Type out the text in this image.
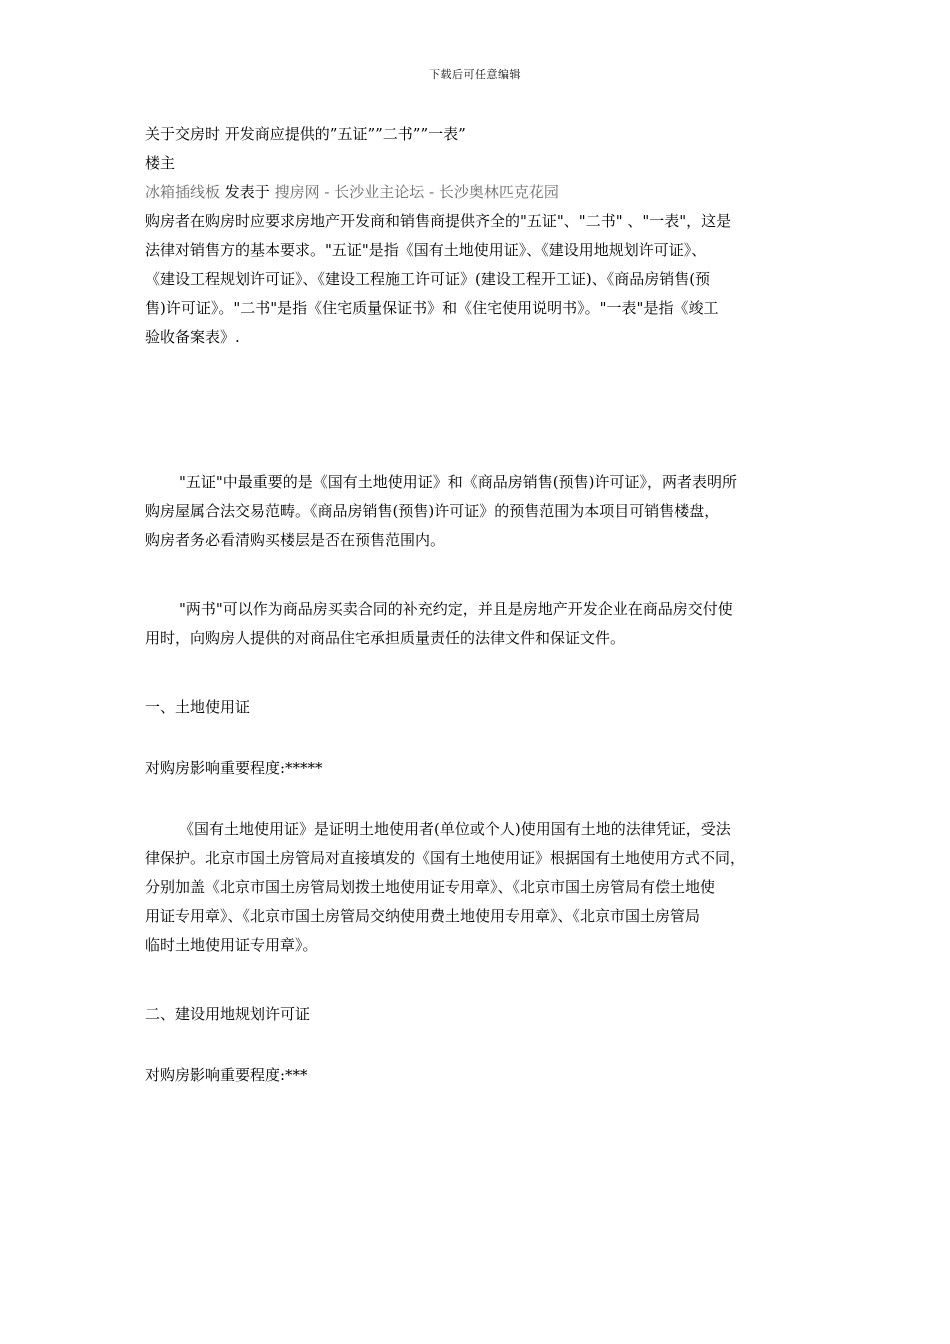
下载后可任意编辑
关于交房时 开发商应提供的”五证””二书””一表”
楼主
冰箱插线板 发表于 搜房网 - 长沙业主论坛 - 长沙奥林匹克花园
购房者在购房时应要求房地产开发商和销售商提供齐全的"五证"、"二书" 、"一表"，这是
法律对销售方的基本要求。"五证"是指《国有土地使用证》、《建设用地规划许可证》、
《建设工程规划许可证》、《建设工程施工许可证》(建设工程开工证)、《商品房销售(预
售)许可证》。"二书"是指《住宅质量保证书》和《住宅使用说明书》。"一表"是指《竣工
验收备案表》.
"五证"中最重要的是《国有土地使用证》和《商品房销售(预售)许可证》，两者表明所
购房屋属合法交易范畴。《商品房销售(预售)许可证》的预售范围为本项目可销售楼盘，
购房者务必看清购买楼层是否在预售范围内。
"两书"可以作为商品房买卖合同的补充约定，并且是房地产开发企业在商品房交付使
用时，向购房人提供的对商品住宅承担质量责任的法律文件和保证文件。
一、土地使用证
对购房影响重要程度:*****
《国有土地使用证》是证明土地使用者(单位或个人)使用国有土地的法律凭证，受法
律保护。北京市国土房管局对直接填发的《国有土地使用证》根据国有土地使用方式不同，
分别加盖《北京市国土房管局划拨土地使用证专用章》、《北京市国土房管局有偿土地使
用证专用章》、《北京市国土房管局交纳使用费土地使用专用章》、《北京市国土房管局
临时土地使用证专用章》。
二、建设用地规划许可证
对购房影响重要程度:***
